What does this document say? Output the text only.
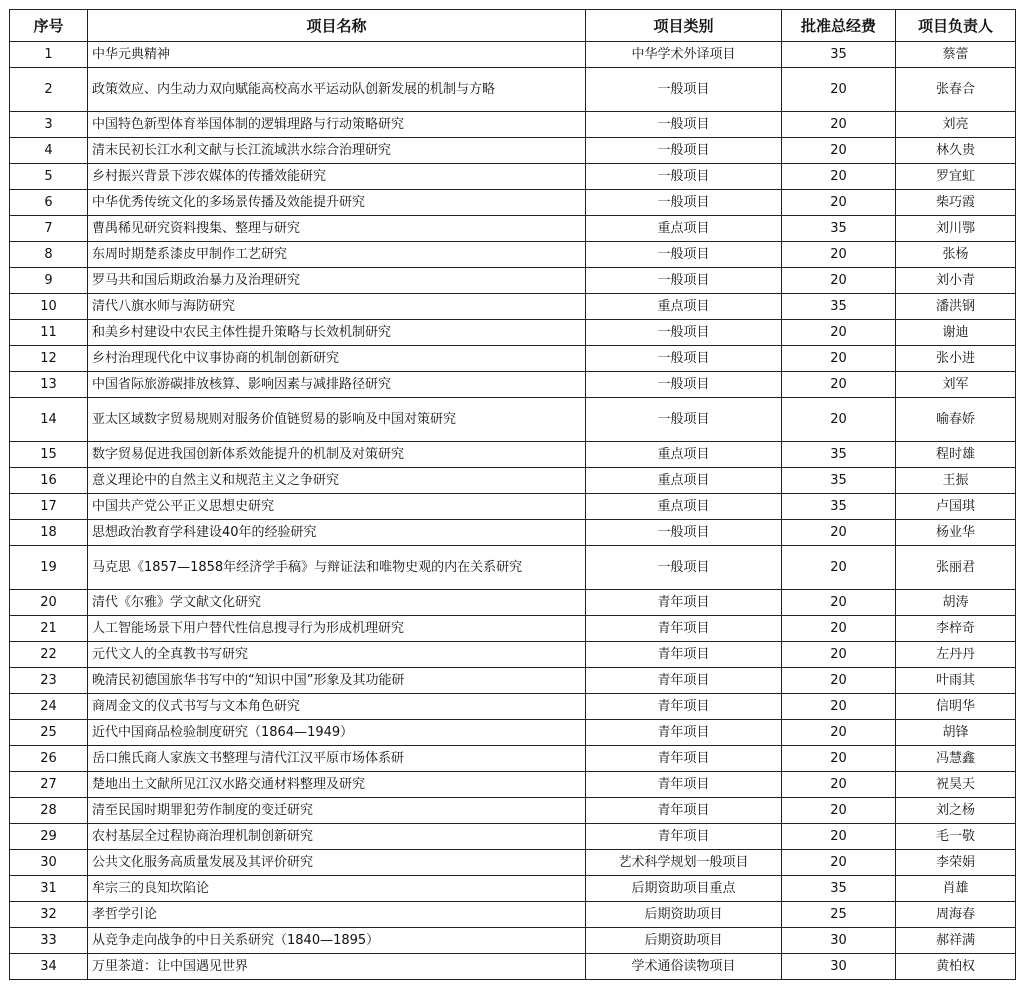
序号	项目名称	项目类别	批准总经费	项目负责人
1	中华元典精神	中华学术外译项目	35	蔡蕾
2	政策效应、内生动力双向赋能高校高水平运动队创新发展的机制与方略	一般项目	20	张春合
3	中国特色新型体育举国体制的逻辑理路与行动策略研究	一般项目	20	刘亮
4	清末民初长江水利文献与长江流域洪水综合治理研究	一般项目	20	林久贵
5	乡村振兴背景下涉农媒体的传播效能研究	一般项目	20	罗宜虹
6	中华优秀传统文化的多场景传播及效能提升研究	一般项目	20	柴巧霞
7	曹禺稀见研究资料搜集、整理与研究	重点项目	35	刘川鄂
8	东周时期楚系漆皮甲制作工艺研究	一般项目	20	张杨
9	罗马共和国后期政治暴力及治理研究	一般项目	20	刘小青
10	清代八旗水师与海防研究	重点项目	35	潘洪钢
11	和美乡村建设中农民主体性提升策略与长效机制研究	一般项目	20	谢迪
12	乡村治理现代化中议事协商的机制创新研究	一般项目	20	张小进
13	中国省际旅游碳排放核算、影响因素与减排路径研究	一般项目	20	刘军
14	亚太区域数字贸易规则对服务价值链贸易的影响及中国对策研究	一般项目	20	喻春娇
15	数字贸易促进我国创新体系效能提升的机制及对策研究	重点项目	35	程时雄
16	意义理论中的自然主义和规范主义之争研究	重点项目	35	王振
17	中国共产党公平正义思想史研究	重点项目	35	卢国琪
18	思想政治教育学科建设40年的经验研究	一般项目	20	杨业华
19	马克思《1857—1858年经济学手稿》与辩证法和唯物史观的内在关系研究	一般项目	20	张丽君
20	清代《尔雅》学文献文化研究	青年项目	20	胡涛
21	人工智能场景下用户替代性信息搜寻行为形成机理研究	青年项目	20	李梓奇
22	元代文人的全真教书写研究	青年项目	20	左丹丹
23	晚清民初德国旅华书写中的“知识中国”形象及其功能研	青年项目	20	叶雨其
24	商周金文的仪式书写与文本角色研究	青年项目	20	信明华
25	近代中国商品检验制度研究（1864—1949）	青年项目	20	胡锋
26	岳口熊氏商人家族文书整理与清代江汉平原市场体系研	青年项目	20	冯慧鑫
27	楚地出土文献所见江汉水路交通材料整理及研究	青年项目	20	祝昊天
28	清至民国时期罪犯劳作制度的变迁研究	青年项目	20	刘之杨
29	农村基层全过程协商治理机制创新研究	青年项目	20	毛一敬
30	公共文化服务高质量发展及其评价研究	艺术科学规划一般项目	20	李荣娟
31	牟宗三的良知坎陷论	后期资助项目重点	35	肖雄
32	孝哲学引论	后期资助项目	25	周海春
33	从竞争走向战争的中日关系研究（1840—1895）	后期资助项目	30	郝祥满
34	万里茶道：让中国遇见世界	学术通俗读物项目	30	黄柏权
